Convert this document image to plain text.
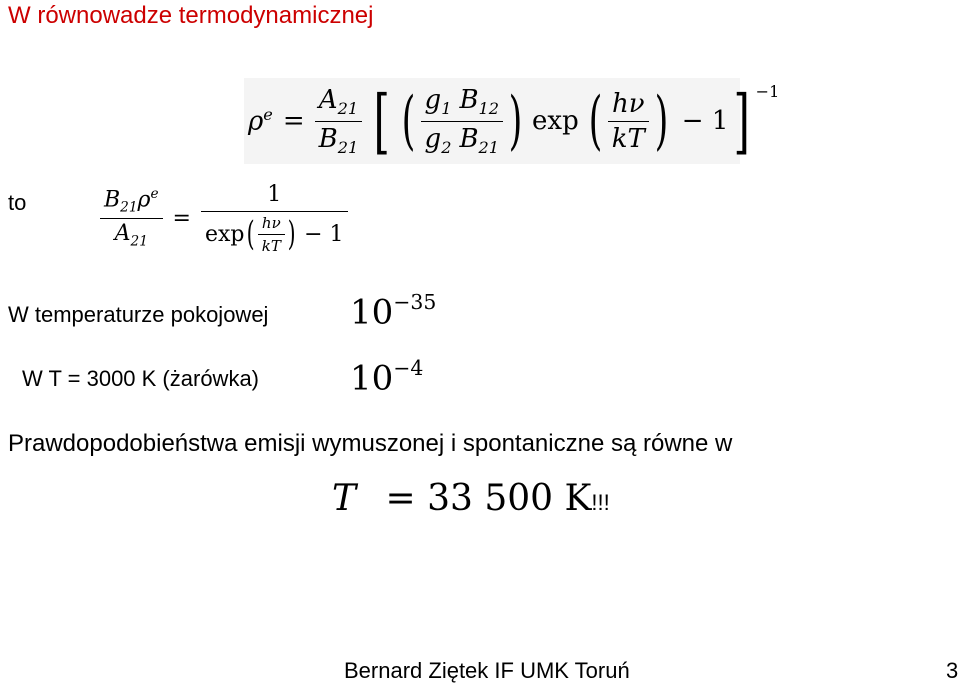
W równowadze termodynamicznej
$\rho^e = \frac{A_{21}}{B_{21}}$ [ ( $\frac{g_1}{g_2} \frac{B_{12}}{B_{21}}$ ) exp ( $\frac{h\nu}{kT}$ ) − 1 ] −1
to	$\frac{B_{21}\rho^e}{A_{21}}$ =
1
exp ( $\frac{h\nu}{kT}$ ) − 1
W temperaturze pokojowej $10^{-35}$
W T = 3000 K (żarówka)	$10^{-4}$
Prawdopodobieństwa emisji wymuszonej i spontaniczne są równe w
T = 33 500 K!!!
Bernard Ziętek IF UMK Toruń	3
